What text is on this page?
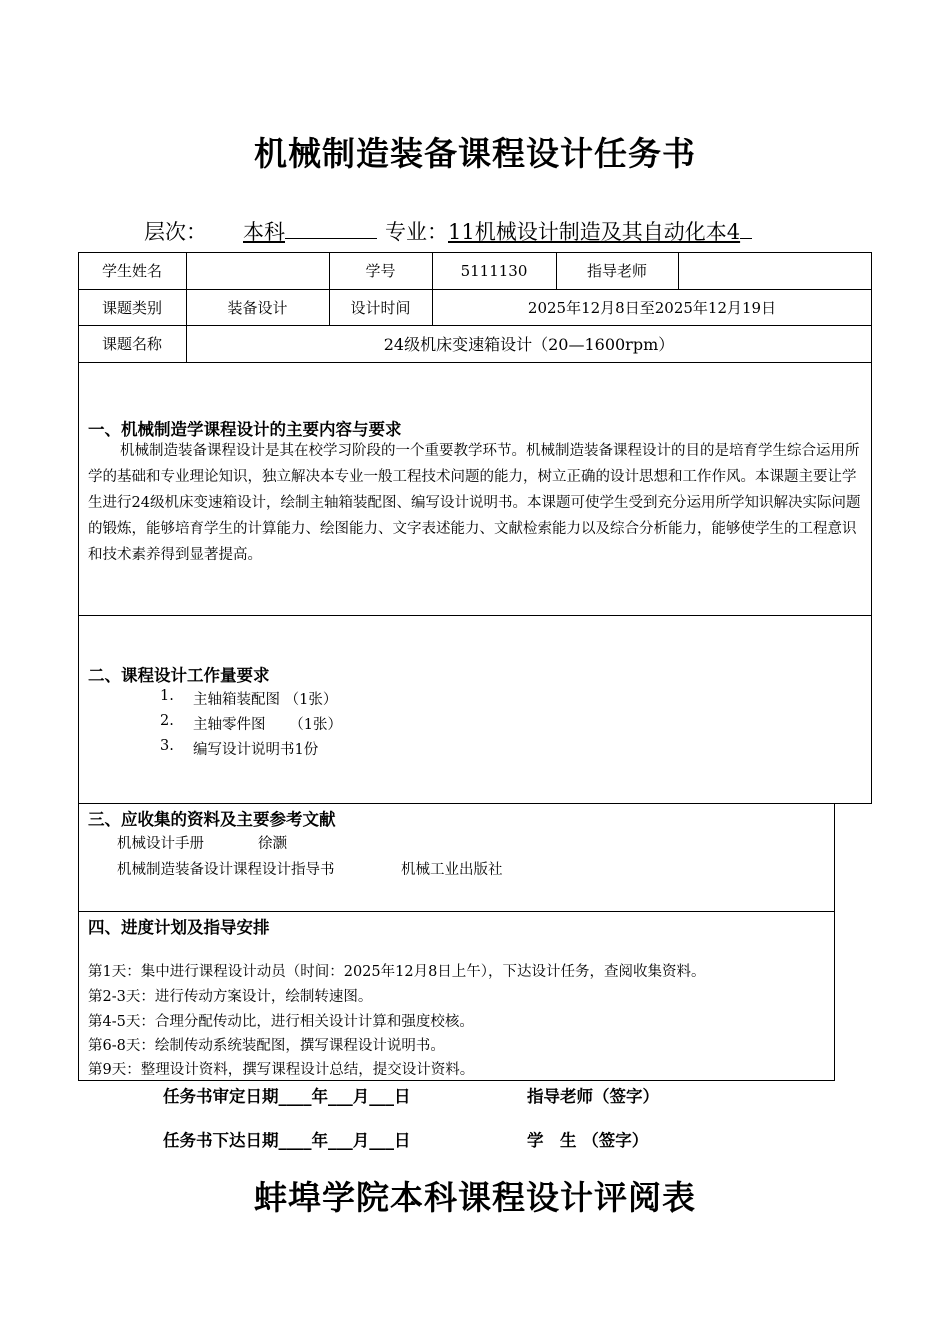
机械制造装备课程设计任务书
层次： 本科	专业：11机械设计制造及其自动化本4
学生姓名	学号	5111130	指导老师
课题类别	装备设计	设计时间	2025年12月8日至2025年12月19日
课题名称	24级机床变速箱设计（20—1600rpm）
一、机械制造学课程设计的主要内容与要求
机械制造装备课程设计是其在校学习阶段的一个重要教学环节。机械制造装备课程设计的目的是培育学生综合运用所学的基础和专业理论知识，独立解决本专业一般工程技术问题的能力，树立正确的设计思想和工作作风。本课题主要让学生进行24级机床变速箱设计，绘制主轴箱装配图、编写设计说明书。本课题可使学生受到充分运用所学知识解决实际问题的锻炼，能够培育学生的计算能力、绘图能力、文字表述能力、文献检索能力以及综合分析能力，能够使学生的工程意识和技术素养得到显著提高。
二、课程设计工作量要求
1. 主轴箱装配图 （1张）
2. 主轴零件图 　 （1张）
3. 编写设计说明书1份
三、应收集的资料及主要参考文献
机械设计手册	徐灏
机械制造装备设计课程设计指导书	机械工业出版社
四、进度计划及指导安排
第1天：集中进行课程设计动员（时间：2025年12月8日上午），下达设计任务，查阅收集资料。
第2-3天：进行传动方案设计，绘制转速图。
第4-5天：合理分配传动比，进行相关设计计算和强度校核。
第6-8天：绘制传动系统装配图，撰写课程设计说明书。
第9天：整理设计资料，撰写课程设计总结，提交设计资料。
任务书审定日期____年___月___日	指导老师（签字）
任务书下达日期____年___月___日	学　生 （签字）
蚌埠学院本科课程设计评阅表
